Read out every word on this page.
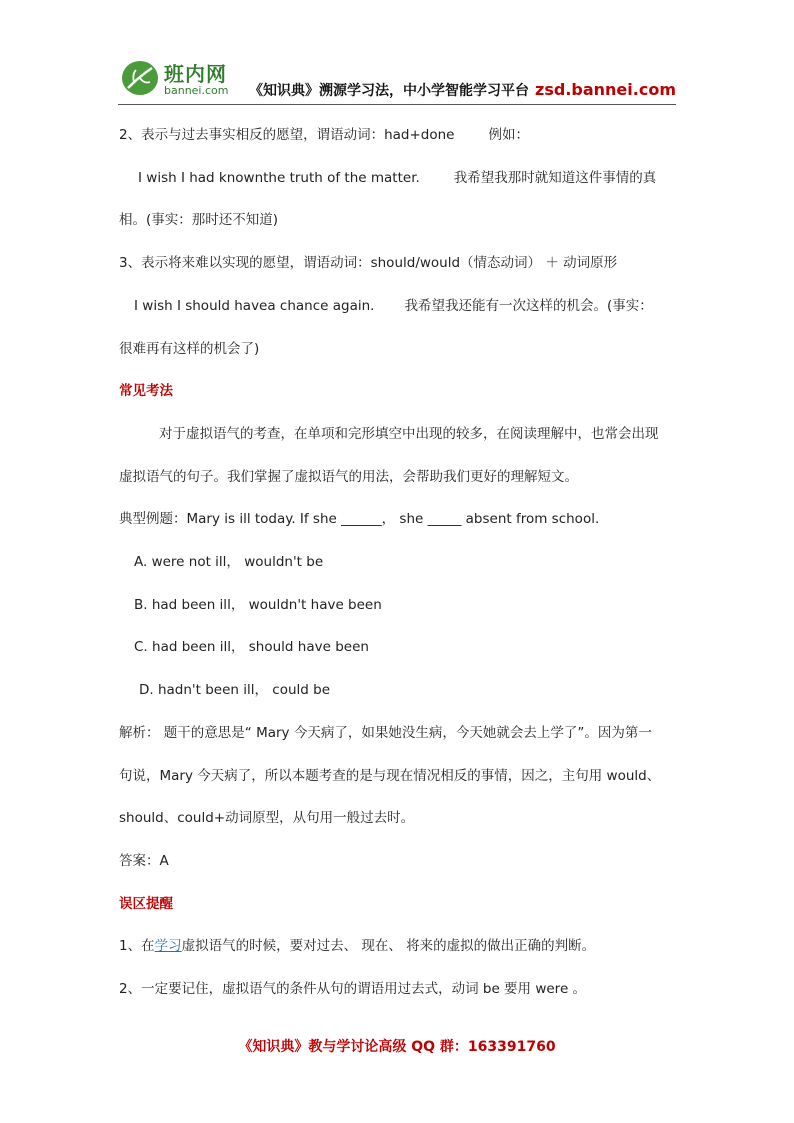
班内网
bannei.com 《知识典》溯源学习法，中小学智能学习平台 zsd.bannei.com

2、表示与过去事实相反的愿望，谓语动词：had+done	例如：

I wish I had knownthe truth of the matter.	我希望我那时就知道这件事情的真

相。(事实：那时还不知道)

3、表示将来难以实现的愿望，谓语动词：should/would（情态动词） ＋ 动词原形

I wish I should havea chance again. 我希望我还能有一次这样的机会。(事实：

很难再有这样的机会了)

常见考法

对于虚拟语气的考查，在单项和完形填空中出现的较多，在阅读理解中，也常会出现

虚拟语气的句子。我们掌握了虚拟语气的用法，会帮助我们更好的理解短文。

典型例题：Mary is ill today. If she ______， she _____ absent from school.

A. were not ill， wouldn't be

B. had been ill， wouldn't have been

C. had been ill， should have been

D. hadn't been ill， could be

解析： 题干的意思是“ Mary 今天病了，如果她没生病，今天她就会去上学了”。因为第一

句说，Mary 今天病了，所以本题考查的是与现在情况相反的事情，因之，主句用 would、

should、could+动词原型，从句用一般过去时。

答案：A

误区提醒

1、在学习虚拟语气的时候，要对过去、 现在、 将来的虚拟的做出正确的判断。

2、一定要记住，虚拟语气的条件从句的谓语用过去式，动词 be 要用 were 。

《知识典》教与学讨论高级 QQ 群：163391760
